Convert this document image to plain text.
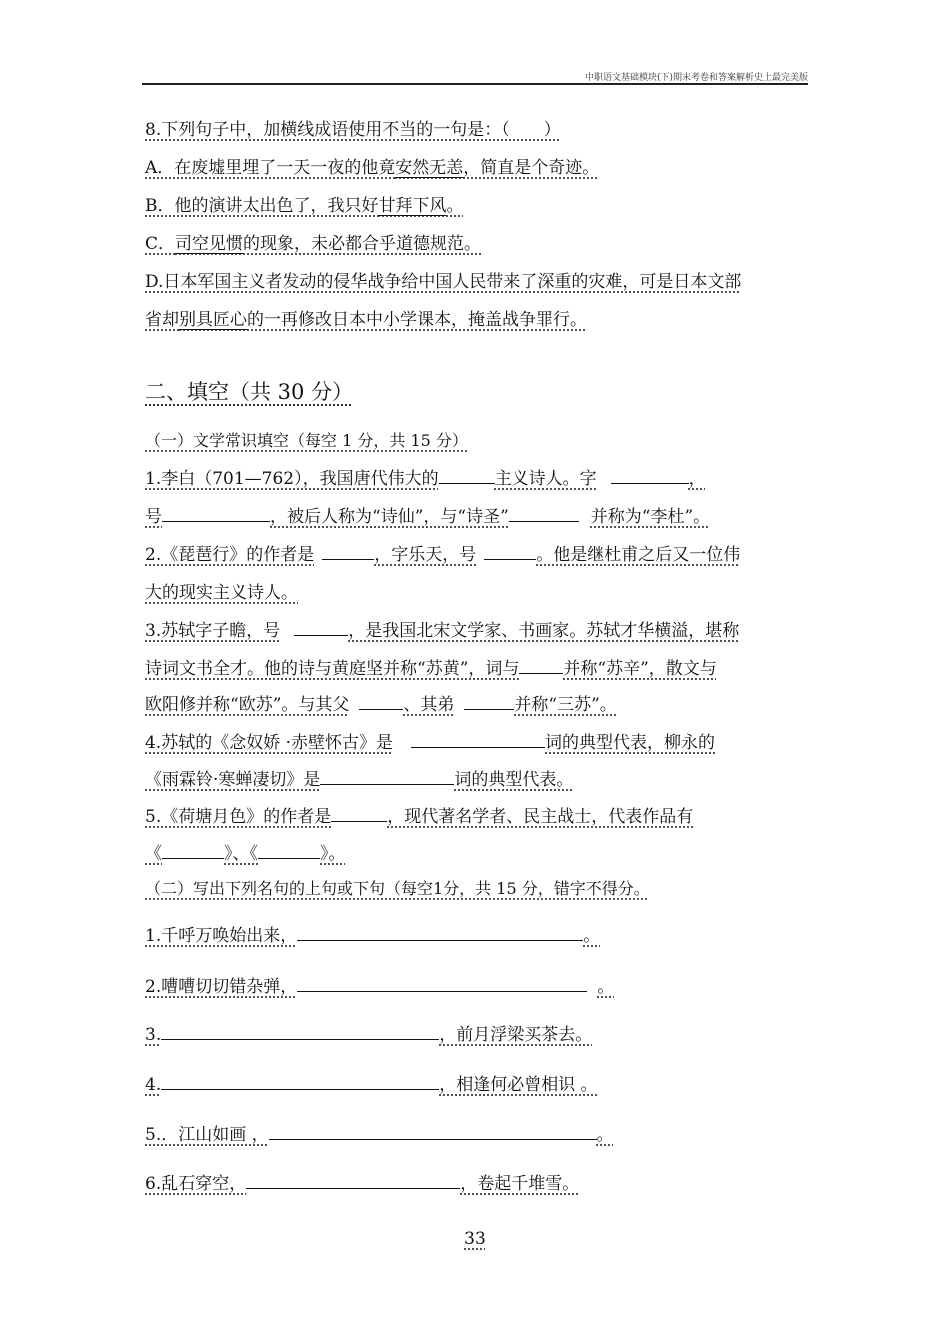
中职语文基础模块(下)期末考卷和答案解析史上最完美版
8.下列句子中，加横线成语使用不当的一句是：（　　）
A．在废墟里埋了一天一夜的他竟安然无恙，简直是个奇迹。
B．他的演讲太出色了，我只好甘拜下风。
C．司空见惯的现象，未必都合乎道德规范。
D.日本军国主义者发动的侵华战争给中国人民带来了深重的灾难，可是日本文部
省却别具匠心的一再修改日本中小学课本，掩盖战争罪行。
二、填空（共 30 分）
（一）文学常识填空（每空 1 分，共 15 分）
1.李白（701—762），我国唐代伟大的	主义诗人。字	，
号	，被后人称为“诗仙”，与“诗圣”	并称为“李杜”。
2.《琵琶行》的作者是	，字乐天，号	。他是继杜甫之后又一位伟
大的现实主义诗人。
3.苏轼字子瞻，号	，是我国北宋文学家、书画家。苏轼才华横溢，堪称
诗词文书全才。他的诗与黄庭坚并称“苏黄”，词与	并称“苏辛”，散文与
欧阳修并称“欧苏”。与其父	、其弟	并称“三苏”。
4.苏轼的《念奴娇 ·赤壁怀古》是	词的典型代表，柳永的
《雨霖铃·寒蝉凄切》是	词的典型代表。
5.《荷塘月色》的作者是	，现代著名学者、民主战士，代表作品有
《	》、《	》。
（二）写出下列名句的上句或下句（每空1分，共 15 分，错字不得分。
1.千呼万唤始出来，	。
2.嘈嘈切切错杂弹，	。
3.	，前月浮梁买茶去。
4.	，相逢何必曾相识 。
5.．江山如画 ，	。
6.乱石穿空，	，卷起千堆雪。
33
